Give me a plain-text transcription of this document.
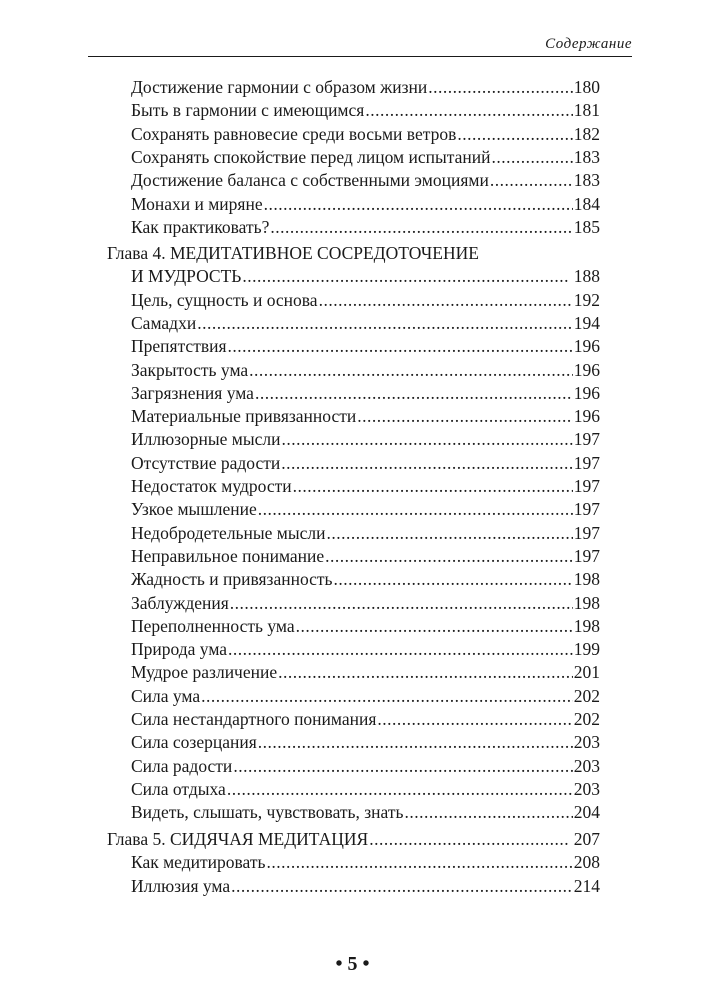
Содержание
Достижение гармонии с образом жизни .....	180
Быть в гармонии с имеющимся .....	181
Сохранять равновесие среди восьми ветров .....	182
Сохранять спокойствие перед лицом испытаний .....	183
Достижение баланса с собственными эмоциями .....	183
Монахи и миряне .....	184
Как практиковать? .....	185
Глава 4. МЕДИТАТИВНОЕ СОСРЕДОТОЧЕНИЕ
И МУДРОСТЬ .....	188
Цель, сущность и основа .....	192
Самадхи .....	194
Препятствия .....	196
Закрытость ума .....	196
Загрязнения ума .....	196
Материальные привязанности .....	196
Иллюзорные мысли .....	197
Отсутствие радости .....	197
Недостаток мудрости .....	197
Узкое мышление .....	197
Недобродетельные мысли .....	197
Неправильное понимание .....	197
Жадность и привязанность .....	198
Заблуждения .....	198
Переполненность ума .....	198
Природа ума .....	199
Мудрое различение .....	201
Сила ума .....	202
Сила нестандартного понимания .....	202
Сила созерцания .....	203
Сила радости .....	203
Сила отдыха .....	203
Видеть, слышать, чувствовать, знать .....	204
Глава 5. СИДЯЧАЯ МЕДИТАЦИЯ .....	207
Как медитировать .....	208
Иллюзия ума .....	214
• 5 •
